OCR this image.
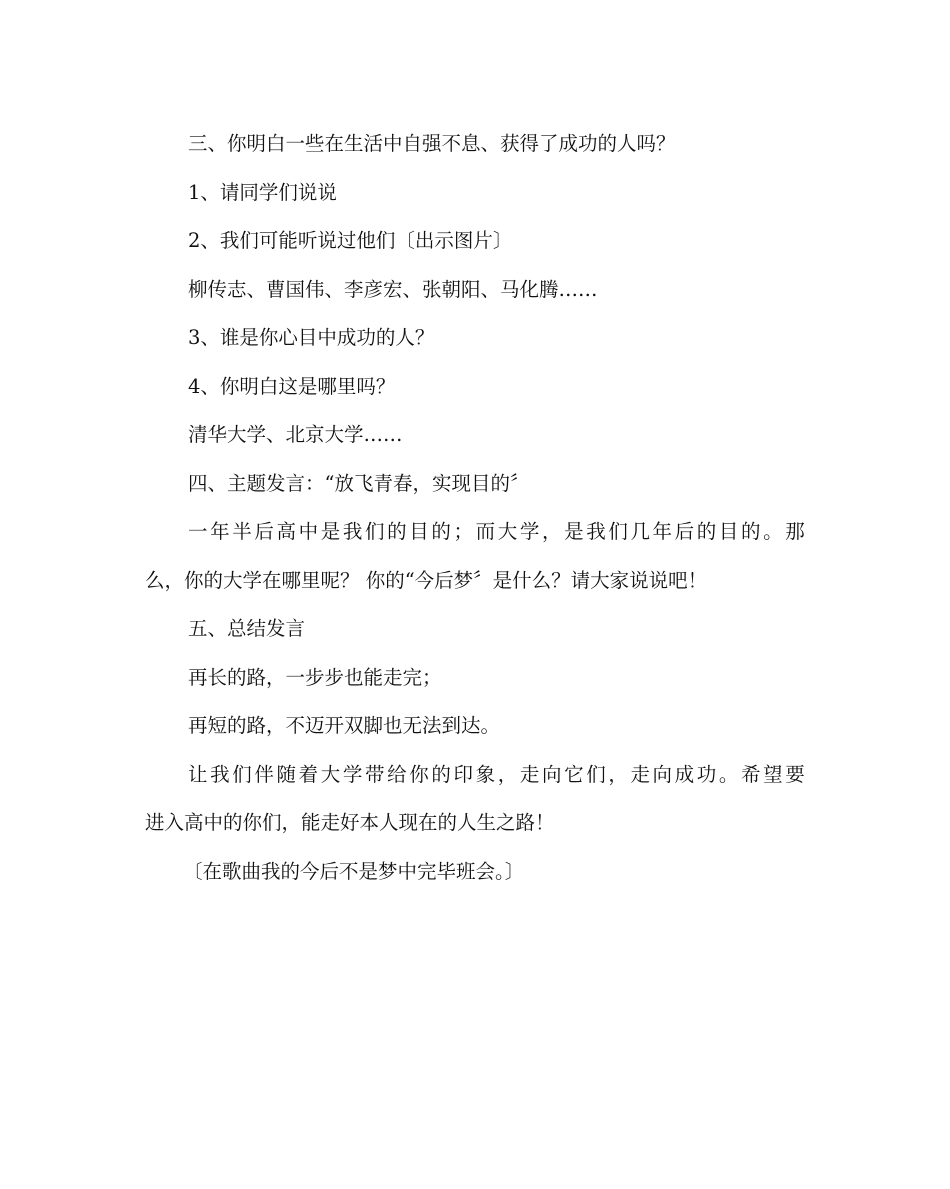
三、你明白一些在生活中自强不息、获得了成功的人吗？
1、请同学们说说
2、我们可能听说过他们〔出示图片〕
柳传志、曹国伟、李彦宏、张朝阳、马化腾……
3、谁是你心目中成功的人？
4、你明白这是哪里吗？
清华大学、北京大学……
四、主题发言：“放飞青春，实现目的〞
一年半后高中是我们的目的；而大学，是我们几年后的目的。那
么，你的大学在哪里呢？ 你的“今后梦〞是什么？请大家说说吧！
五、总结发言
再长的路，一步步也能走完；
再短的路，不迈开双脚也无法到达。
让我们伴随着大学带给你的印象，走向它们，走向成功。希望要
进入高中的你们，能走好本人现在的人生之路！
〔在歌曲我的今后不是梦中完毕班会。〕
